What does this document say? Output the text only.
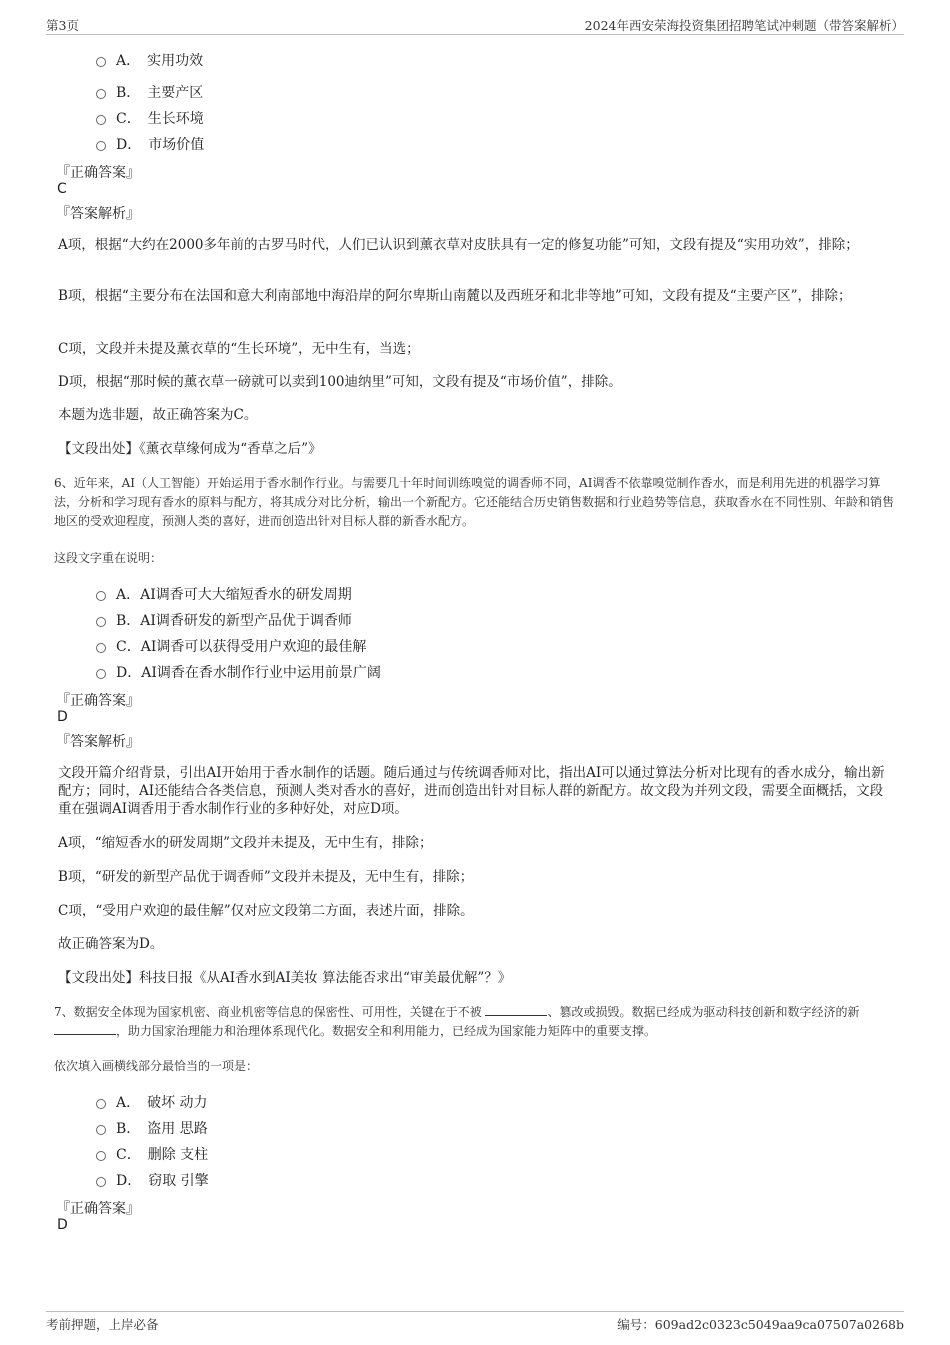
第3页	2024年西安荣海投资集团招聘笔试冲刺题（带答案解析）
A．　实用功效
B．　主要产区
C．　生长环境
D．　市场价值
『正确答案』
C
『答案解析』
A项，根据“大约在2000多年前的古罗马时代，人们已认识到薰衣草对皮肤具有一定的修复功能”可知，文段有提及“实用功效”，排除；
B项，根据“主要分布在法国和意大利南部地中海沿岸的阿尔卑斯山南麓以及西班牙和北非等地”可知，文段有提及“主要产区”，排除；
C项，文段并未提及薰衣草的“生长环境”，无中生有，当选；
D项，根据“那时候的薰衣草一磅就可以卖到100迪纳里”可知，文段有提及“市场价值”，排除。
本题为选非题，故正确答案为C。
【文段出处】《薰衣草缘何成为“香草之后”》
6、近年来，AI（人工智能）开始运用于香水制作行业。与需要几十年时间训练嗅觉的调香师不同，AI调香不依靠嗅觉制作香水，而是利用先进的机器学习算法，分析和学习现有香水的原料与配方，将其成分对比分析，输出一个新配方。它还能结合历史销售数据和行业趋势等信息，获取香水在不同性别、年龄和销售地区的受欢迎程度，预测人类的喜好，进而创造出针对目标人群的新香水配方。
这段文字重在说明：
A．AI调香可大大缩短香水的研发周期
B．AI调香研发的新型产品优于调香师
C．AI调香可以获得受用户欢迎的最佳解
D．AI调香在香水制作行业中运用前景广阔
『正确答案』
D
『答案解析』
文段开篇介绍背景，引出AI开始用于香水制作的话题。随后通过与传统调香师对比，指出AI可以通过算法分析对比现有的香水成分，输出新配方；同时，AI还能结合各类信息，预测人类对香水的喜好，进而创造出针对目标人群的新配方。故文段为并列文段，需要全面概括，文段重在强调AI调香用于香水制作行业的多种好处，对应D项。
A项，“缩短香水的研发周期”文段并未提及，无中生有，排除；
B项，“研发的新型产品优于调香师”文段并未提及，无中生有，排除；
C项，“受用户欢迎的最佳解”仅对应文段第二方面，表述片面，排除。
故正确答案为D。
【文段出处】科技日报《从AI香水到AI美妆 算法能否求出“审美最优解”？》
7、数据安全体现为国家机密、商业机密等信息的保密性、可用性，关键在于不被	、篡改或损毁。数据已经成为驱动科技创新和数字经济的新 ，助力国家治理能力和治理体系现代化。数据安全和利用能力，已经成为国家能力矩阵中的重要支撑。
依次填入画横线部分最恰当的一项是：
A．　破坏 动力
B．　盗用 思路
C．　删除 支柱
D．　窃取 引擎
『正确答案』
D
考前押题，上岸必备	编号：609ad2c0323c5049aa9ca07507a0268b
